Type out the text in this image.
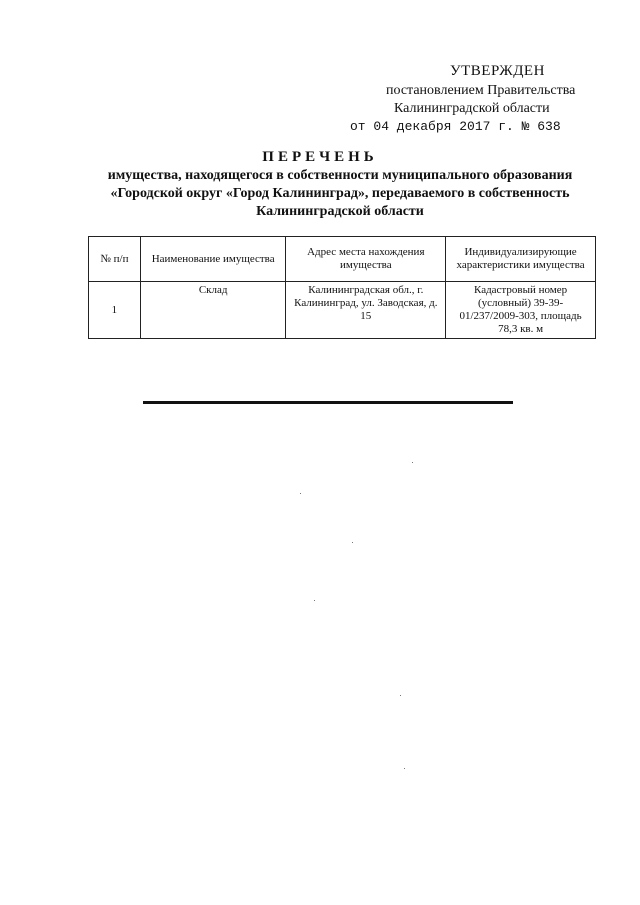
УТВЕРЖДЕН
постановлением Правительства
Калининградской области
от 04 декабря 2017 г. № 638
ПЕРЕЧЕНЬ
имущества, находящегося в собственности муниципального образования «Городской округ «Город Калининград», передаваемого в собственность Калининградской области
№ п/п	Наименование имущества	Адрес места нахождения имущества	Индивидуализирующие характеристики имущества
1	Склад	Калининградская обл., г. Калининград, ул. Заводская, д. 15	Кадастровый номер (условный) 39-39-01/237/2009-303, площадь 78,3 кв. м
